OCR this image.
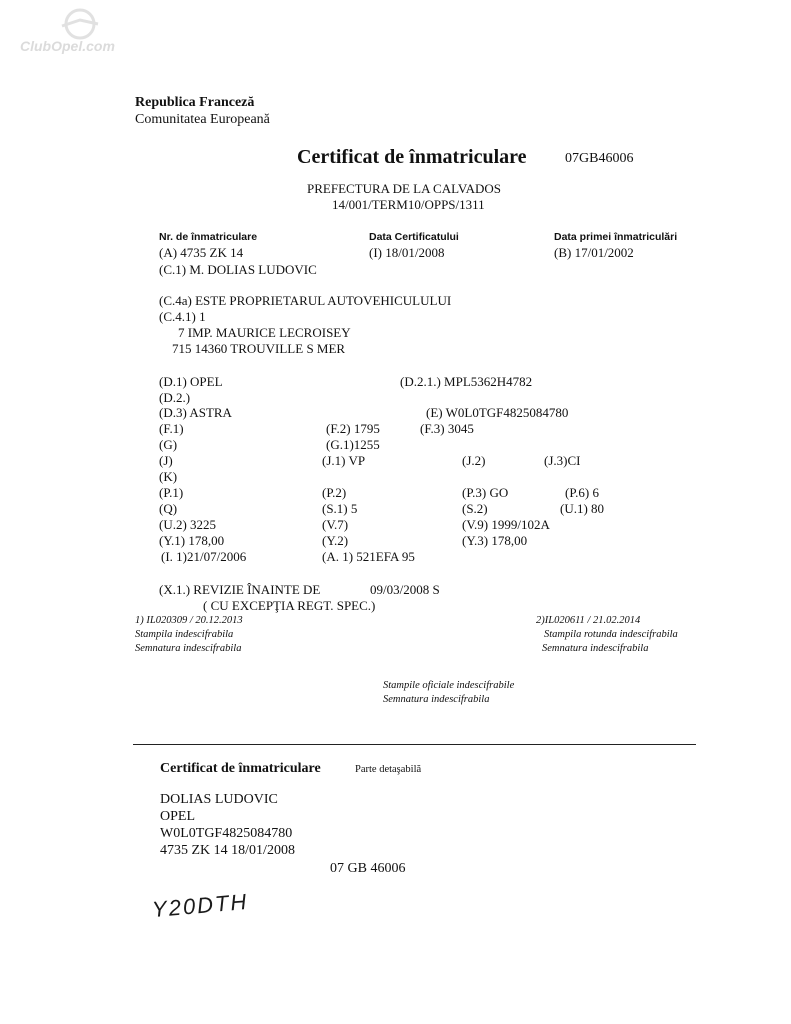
ClubOpel.com
Republica Franceză
Comunitatea Europeană
Certificat de înmatriculare	07GB46006
PREFECTURA DE LA CALVADOS
14/001/TERM10/OPPS/1311
Nr. de înmatriculare	Data Certificatului	Data primei înmatriculări
(A) 4735 ZK 14	(I) 18/01/2008	(B) 17/01/2002
(C.1) M. DOLIAS LUDOVIC
(C.4a) ESTE PROPRIETARUL AUTOVEHICULULUI
(C.4.1) 1
7 IMP. MAURICE LECROISEY
715 14360 TROUVILLE S MER
(D.1) OPEL	(D.2.1.) MPL5362H4782
(D.2.)
(D.3) ASTRA	(E) W0L0TGF4825084780
(F.1)	(F.2) 1795	(F.3) 3045
(G)	(G.1)1255
(J)	(J.1) VP	(J.2)	(J.3)CI
(K)
(P.1)	(P.2)	(P.3) GO	(P.6) 6
(Q)	(S.1) 5	(S.2)	(U.1) 80
(U.2) 3225	(V.7)	(V.9) 1999/102A
(Y.1) 178,00	(Y.2)	(Y.3) 178,00
(I. 1)21/07/2006	(A. 1) 521EFA 95
(X.1.) REVIZIE ÎNAINTE DE	09/03/2008 S
( CU EXCEPŢIA REGT. SPEC.)
1) IL020309 / 20.12.2013
Stampila indescifrabila
Semnatura indescifrabila
2)IL020611 / 21.02.2014
Stampila rotunda indescifrabila
Semnatura indescifrabila
Stampile oficiale indescifrabile
Semnatura indescifrabila
Certificat de înmatriculare	Parte detaşabilă
DOLIAS LUDOVIC
OPEL
W0L0TGF4825084780
4735 ZK 14 18/01/2008
07 GB 46006
Y20DTH
